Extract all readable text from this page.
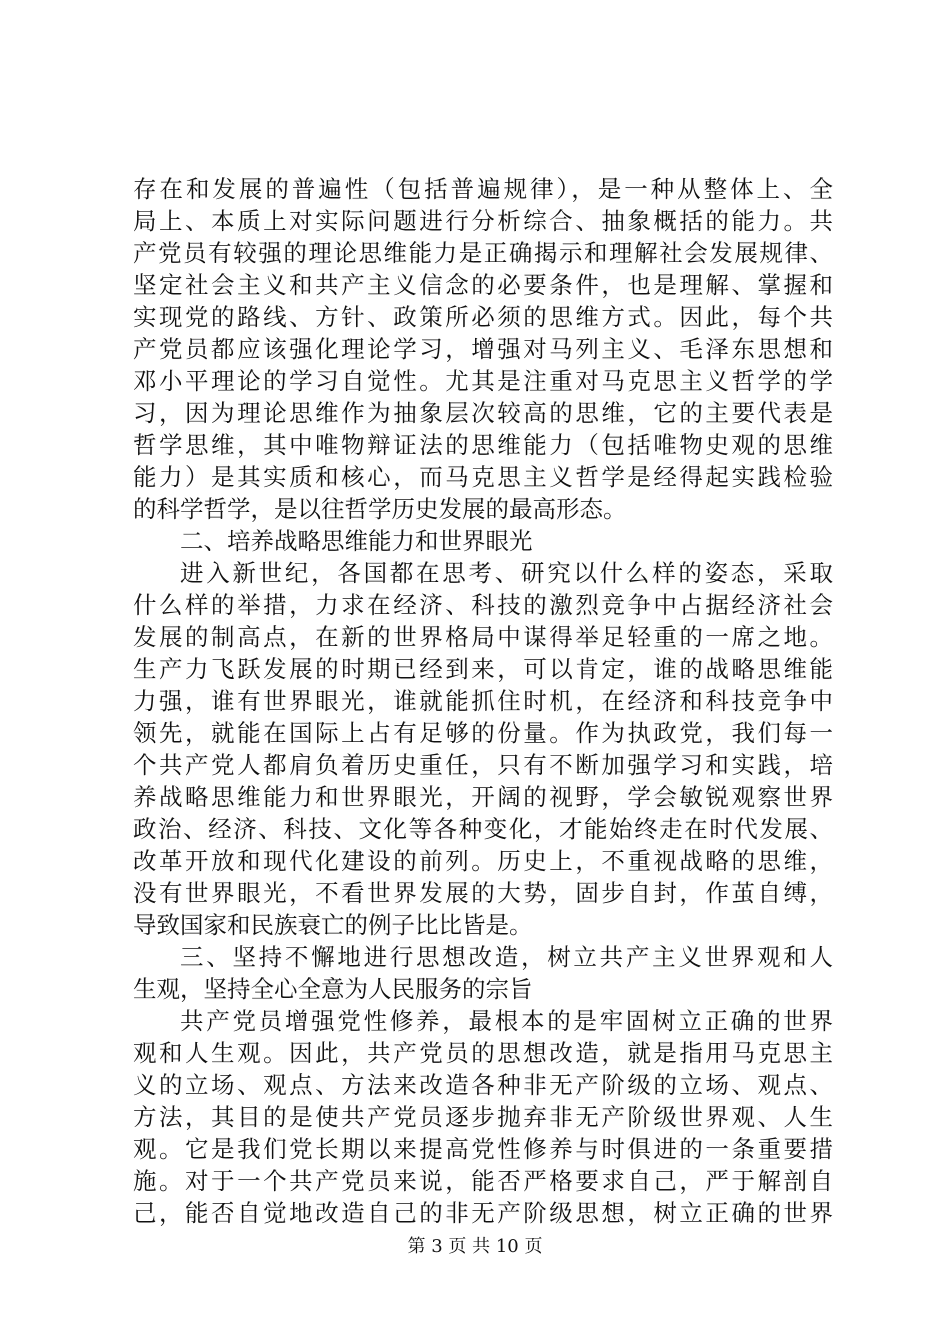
存在和发展的普遍性（包括普遍规律），是一种从整体上、全
局上、本质上对实际问题进行分析综合、抽象概括的能力。共
产党员有较强的理论思维能力是正确揭示和理解社会发展规律、
坚定社会主义和共产主义信念的必要条件，也是理解、掌握和
实现党的路线、方针、政策所必须的思维方式。因此，每个共
产党员都应该强化理论学习，增强对马列主义、毛泽东思想和
邓小平理论的学习自觉性。尤其是注重对马克思主义哲学的学
习，因为理论思维作为抽象层次较高的思维，它的主要代表是
哲学思维，其中唯物辩证法的思维能力（包括唯物史观的思维
能力）是其实质和核心，而马克思主义哲学是经得起实践检验
的科学哲学，是以往哲学历史发展的最高形态。
二、培养战略思维能力和世界眼光
进入新世纪，各国都在思考、研究以什么样的姿态，采取
什么样的举措，力求在经济、科技的激烈竞争中占据经济社会
发展的制高点，在新的世界格局中谋得举足轻重的一席之地。
生产力飞跃发展的时期已经到来，可以肯定，谁的战略思维能
力强，谁有世界眼光，谁就能抓住时机，在经济和科技竞争中
领先，就能在国际上占有足够的份量。作为执政党，我们每一
个共产党人都肩负着历史重任，只有不断加强学习和实践，培
养战略思维能力和世界眼光，开阔的视野，学会敏锐观察世界
政治、经济、科技、文化等各种变化，才能始终走在时代发展、
改革开放和现代化建设的前列。历史上，不重视战略的思维，
没有世界眼光，不看世界发展的大势，固步自封，作茧自缚，
导致国家和民族衰亡的例子比比皆是。
三、坚持不懈地进行思想改造，树立共产主义世界观和人
生观，坚持全心全意为人民服务的宗旨
共产党员增强党性修养，最根本的是牢固树立正确的世界
观和人生观。因此，共产党员的思想改造，就是指用马克思主
义的立场、观点、方法来改造各种非无产阶级的立场、观点、
方法，其目的是使共产党员逐步抛弃非无产阶级世界观、人生
观。它是我们党长期以来提高党性修养与时俱进的一条重要措
施。对于一个共产党员来说，能否严格要求自己，严于解剖自
己，能否自觉地改造自己的非无产阶级思想，树立正确的世界
第 3 页 共 10 页
